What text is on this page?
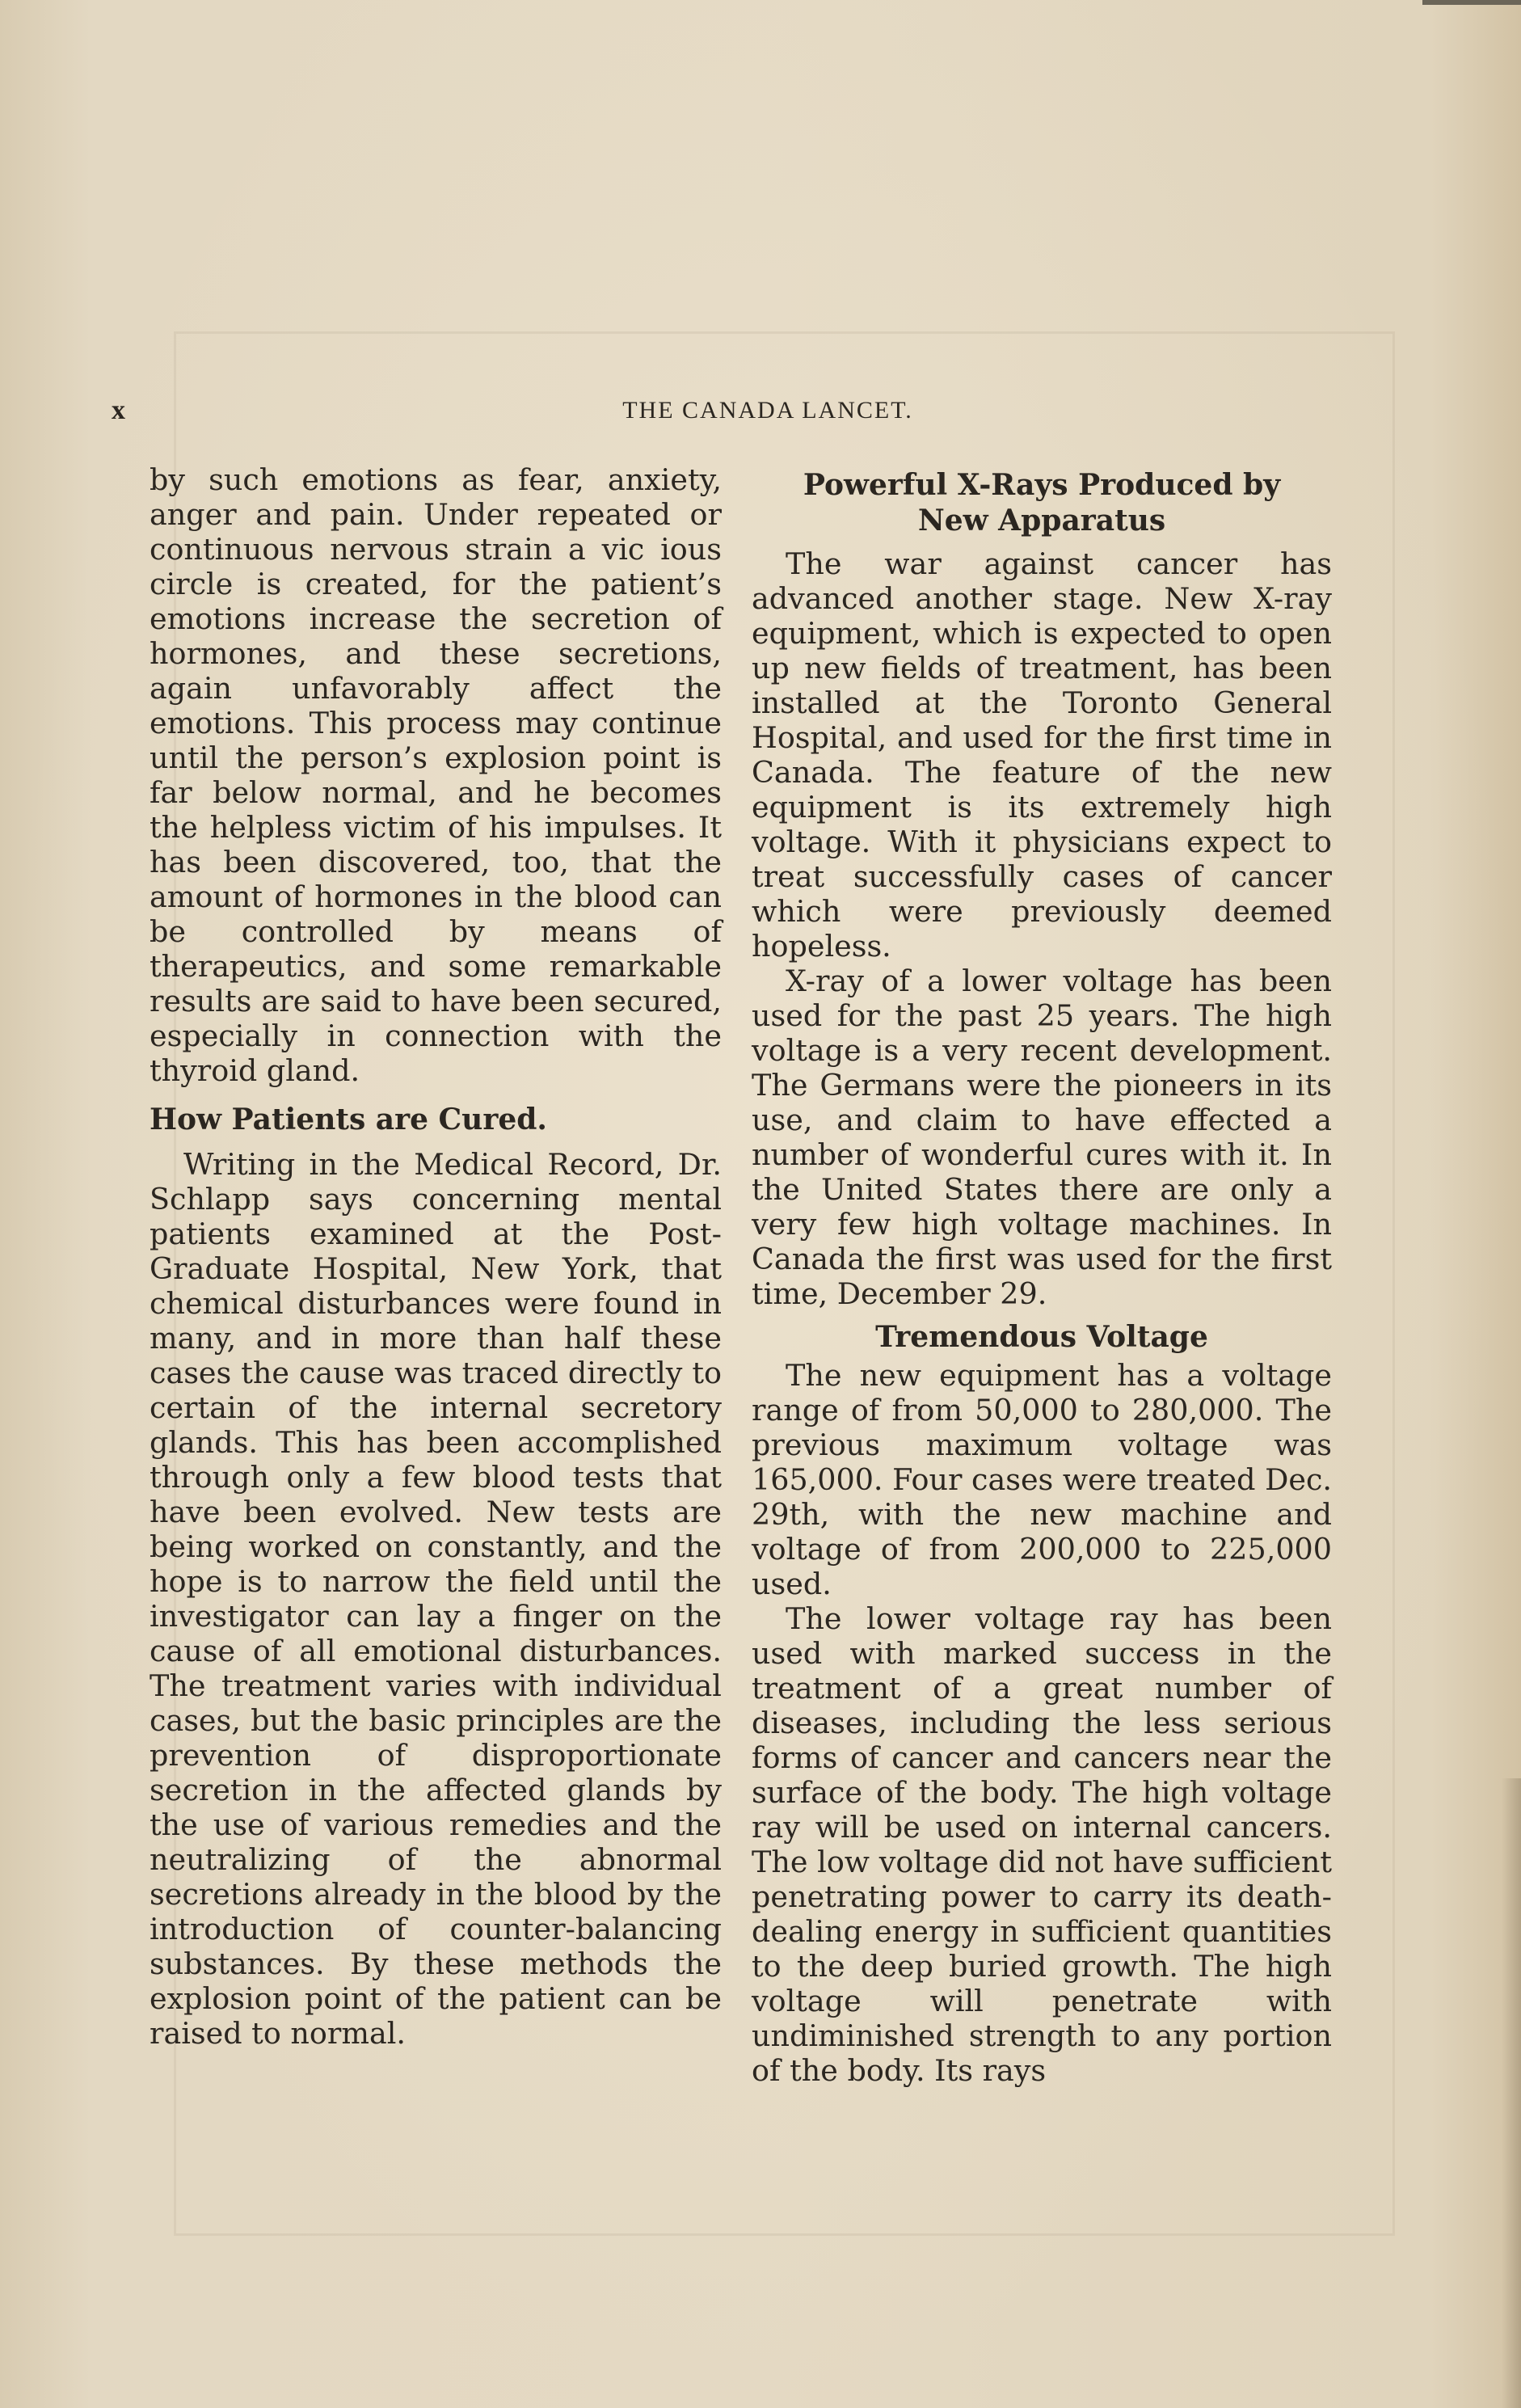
x	THE CANADA LANCET.

by such emotions as fear, anxiety, anger and pain. Under repeated or continuous nervous strain a vic ious circle is created, for the patient’s emotions increase the secretion of hormones, and these secretions, again unfavorably affect the emotions. This process may continue until the person’s explosion point is far below normal, and he becomes the helpless victim of his impulses. It has been discovered, too, that the amount of hormones in the blood can be controlled by means of therapeutics, and some remarkable results are said to have been secured, especially in connection with the thyroid gland.

How Patients are Cured.

Writing in the Medical Record, Dr. Schlapp says concerning mental patients examined at the Post-Graduate Hospital, New York, that chemical disturbances were found in many, and in more than half these cases the cause was traced directly to certain of the internal secretory glands. This has been accomplished through only a few blood tests that have been evolved. New tests are being worked on constantly, and the hope is to narrow the field until the investigator can lay a finger on the cause of all emotional disturbances. The treatment varies with individual cases, but the basic principles are the prevention of disproportionate secretion in the affected glands by the use of various remedies and the neutralizing of the abnormal secretions already in the blood by the introduction of counter-balancing substances. By these methods the explosion point of the patient can be raised to normal.

Powerful X-Rays Produced by
New Apparatus

The war against cancer has advanced another stage. New X-ray equipment, which is expected to open up new fields of treatment, has been installed at the Toronto General Hospital, and used for the first time in Canada. The feature of the new equipment is its extremely high voltage. With it physicians expect to treat successfully cases of cancer which were previously deemed hopeless.

X-ray of a lower voltage has been used for the past 25 years. The high voltage is a very recent development. The Germans were the pioneers in its use, and claim to have effected a number of wonderful cures with it. In the United States there are only a very few high voltage machines. In Canada the first was used for the first time, December 29.

Tremendous Voltage

The new equipment has a voltage range of from 50,000 to 280,000. The previous maximum voltage was 165,000. Four cases were treated Dec. 29th, with the new machine and voltage of from 200,000 to 225,000 used.

The lower voltage ray has been used with marked success in the treatment of a great number of diseases, including the less serious forms of cancer and cancers near the surface of the body. The high voltage ray will be used on internal cancers. The low voltage did not have sufficient penetrating power to carry its death-dealing energy in sufficient quantities to the deep buried growth. The high voltage will penetrate with undiminished strength to any portion of the body. Its rays
